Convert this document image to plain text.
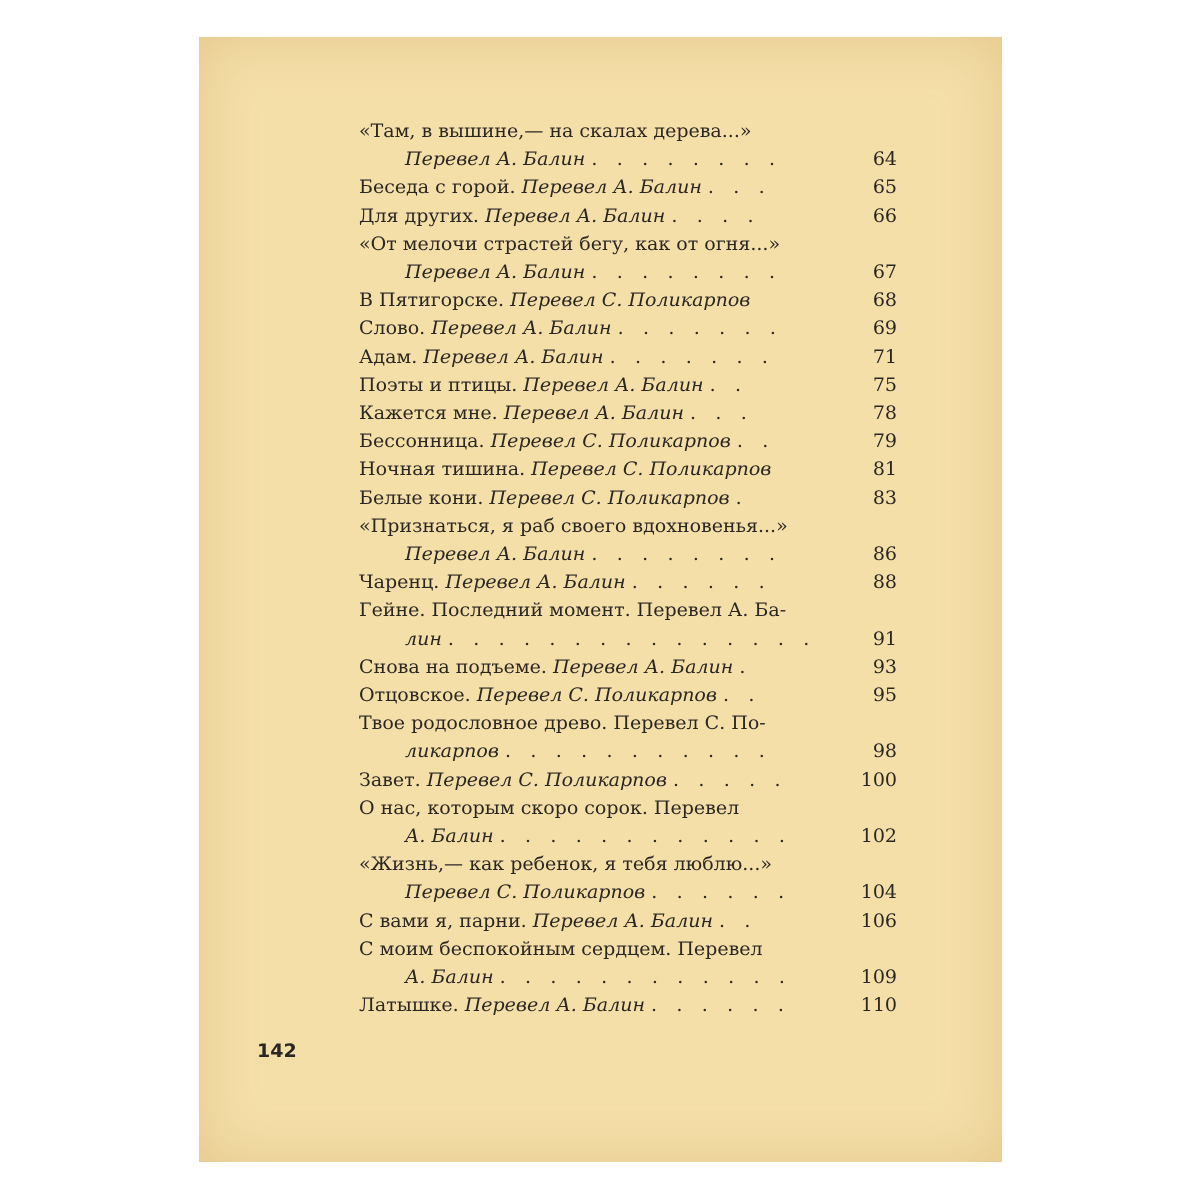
«Там, в вышине,— на скалах дерева...»
Перевел А. Балин . . . . . . . .	64
Беседа с горой. Перевел А. Балин . . .	65
Для других. Перевел А. Балин . . . .	66
«От мелочи страстей бегу, как от огня...»
Перевел А. Балин . . . . . . . .	67
В Пятигорске. Перевел С. Поликарпов	68
Слово. Перевел А. Балин . . . . . . .	69
Адам. Перевел А. Балин . . . . . . .	71
Поэты и птицы. Перевел А. Балин . .	75
Кажется мне. Перевел А. Балин . . .	78
Бессонница. Перевел С. Поликарпов . .	79
Ночная тишина. Перевел С. Поликарпов	81
Белые кони. Перевел С. Поликарпов .	83
«Признаться, я раб своего вдохновенья...»
Перевел А. Балин . . . . . . . .	86
Чаренц. Перевел А. Балин . . . . . .	88
Гейне. Последний момент. Перевел А. Ба-
лин . . . . . . . . . . . . . . .	91
Снова на подъеме. Перевел А. Балин .	93
Отцовское. Перевел С. Поликарпов . .	95
Твое родословное древо. Перевел С. По-
ликарпов . . . . . . . . . . .	98
Завет. Перевел С. Поликарпов . . . . .	100
О нас, которым скоро сорок. Перевел
А. Балин . . . . . . . . . . . .	102
«Жизнь,— как ребенок, я тебя люблю...»
Перевел С. Поликарпов . . . . . .	104
С вами я, парни. Перевел А. Балин . .	106
С моим беспокойным сердцем. Перевел
А. Балин . . . . . . . . . . . .	109
Латышке. Перевел А. Балин . . . . . .	110
142
